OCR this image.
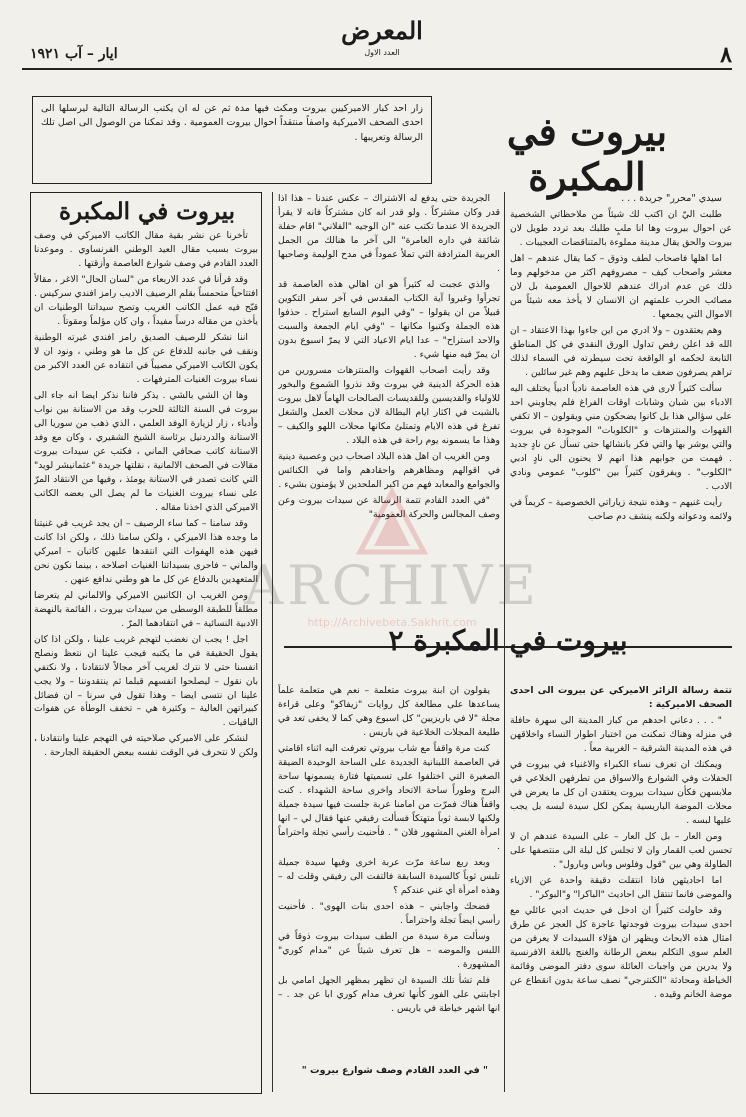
٨
المعرض
العدد الاول
ايار – آب ١٩٢١
زار احد كبار الاميركيين بيروت ومكث فيها مدة ثم عن له ان يكتب الرسالة التالية ليرسلها الى احدى الصحف الاميركية واصفاً منتقداً احوال بيروت العمومية . وقد تمكنا من الوصول الى اصل تلك الرسالة وتعريبها .	بيروت في المكبرة

سيدي "محرر" جريدة . . .

طلبت اليّ ان اكتب لك شيئاً من ملاحظاتي الشخصية عن احوال بيروت وها انا ملبٍ طلبك بعد تردد طويل لان بيروت والحق يقال مدينة مملوءة بالمتناقضات العجيبات .

اما اهلها فاصحاب لطف وذوق – كما يقال عندهم – اهل معشر واصحاب كيف – مصروفهم اكثر من مدخولهم وما ذلك عن عدم ادراك عندهم للاحوال العمومية بل لان مصائب الحرب علمتهم ان الانسان لا يأخذ معه شيئاً من الاموال التي يجمعها .

وهم يعتقدون – ولا ادري من اين جاءوا بهذا الاعتقاد – ان الله قد اعلن رفض تداول الورق النقدي في كل المناطق التابعة لحكمه او الواقعة تحت سيطرته في السماء لذلك تراهم يصرفون ضعف ما يدخل عليهم وهم غير سائلين .

سألت كثيراً لارى في هذه العاصمة نادياً ادبياً يختلف اليه الادباء بين شبان وشابات اوقات الفراغ فلم يجاوبني احد على سؤالي هذا بل كانوا يضحكون مني ويقولون – الا تكفي القهوات والمنتزهات و "الكلوبات" الموجودة في بيروت والتي يوشر بها والتي فكر بانشائها حتى تسأل عن نادٍ جديد . فهمت من جوابهم هذا انهم لا يحنون الى نادٍ ادبي "الكلوب" . ويفرقون كثيراً بين "كلوب" عمومي ونادي الادب .

رأيت غنيهم – وهذه نتيجة زياراتي الخصوصية – كريماً في ولائمه ودعواته ولكنه ينشف دم صاحب

الجريدة حتى يدفع له الاشتراك – عكس عندنا – هذا اذا قدر وكان مشتركاً . ولو قدر انه كان مشتركاً فانه لا يقرأ الجريدة الا عندما تكتب عنه "ان الوجيه "الفلاني" اقام حفلة شائقة في داره العامرة" الى آخر ما هنالك من الجمل العربية المترادفة التي تملأ عموداً في مدح الوليمة وصاحبها .

والذي عجبت له كثيراً هو ان اهالي هذه العاصمة قد تجرأوا وغيروا آية الكتاب المقدس في آخر سفر التكوين قبيلاً من ان يقولوا – "وفي اليوم السابع استراح . حذفوا هذه الجملة وكتبوا مكانها – "وفي ايام الجمعة والسبت والاحد استراح" – عدا ايام الاعياد التي لا يمرّ اسبوع بدون ان يمرّ فيه منها شيء .

وقد رأيت اصحاب القهوات والمنتزهات مسرورين من هذه الحركة الدينية في بيروت وقد نذروا الشموع والبخور للاولياء والقديسين وللقديسات الصالحات الهاماً لاهل بيروت بالشبت في اكثار ايام البطالة لان محلات العمل والشغل تفرغ في هذه الايام وتمتلئ مكانها محلات اللهو والكيف – وهذا ما يسمونه يوم راحة في هذه البلاد .

ومن الغريب ان اهل هذه البلاد اصحاب دين وعصبية دينية في اقوالهم ومظاهرهم واحقادهم واما في الكنائس والجوامع والمعابد فهم من اكبر الملحدين لا يؤمنون بشيء .

"في العدد القادم تتمة الرسالة عن سيدات بيروت وعن وصف المجالس والحركة العمومية"

ARCHIVE
http://Archivebeta.Sakhrit.com
بيروت في المكبرة ٢

تتمة رسالة الزائر الاميركي عن بيروت الى احدى الصحف الاميركية :

" . . . دعاني احدهم من كبار المدينة الى سهرة حافلة في منزله وهناك تمكنت من اختبار اطوار النساء واخلاقهن في هذه المدينة الشرقية – الغربية معاً .

ويمكنك ان تعرف نساء الكبراء والاغنياء في بيروت في الحفلات وفي الشوارع والاسواق من تطرفهن الخلاعي في ملابسهن فكأن سيدات بيروت يعتقدن ان كل ما يعرض في محلات الموضة الباريسية يمكن لكل سيدة لبسه بل يجب عليها لبسه .

ومن العار – بل كل العار – على السيدة عندهم ان لا تحسن لعب القمار وان لا تجلس كل ليلة الى منتصفها على الطاولة وهي بين "قول وفلوس وباس وبارول" .

اما احاديثهن فاذا انتقلت دقيقة واحدة عن الازياء والموضى فانما تنتقل الى احاديث "الباكرا" و"البوكر" .

وقد حاولت كثيراً ان ادخل في حديث ادبي عائلي مع احدى سيدات بيروت فوجدتها عاجزة كل العجز عن طرق امثال هذه الابحاث ويظهر ان هؤلاء السيدات لا يعرفن من العلم سوى التكلم ببعض الرطانة والغنج باللغة الافرنسية ولا يدرين من واجبات العائلة سوى دفتر الموضى وقائمة الخياطة ومحادثة "الكنترجي" نصف ساعة بدون انقطاع عن موضة الخانم وقيده .

يقولون ان ابنة بيروت متعلمة – نعم هي متعلمة علماً يساعدها على مطالعة كل روايات "زيفاكو" وعلى قراءة مجلة "لا في باريزيين" كل اسبوع وهي كما لا يخفى تعد في طليعة المجلات الخلاعية في باريس .

كنت مرة واقفاً مع شاب بيروتي تعرفت اليه اثناء اقامتي في العاصمة اللبنانية الجديدة على الساحة الوحيدة الضيقة الصغيرة التي اختلفوا على تسميتها فتارة يسمونها ساحة البرج وطوراً ساحة الاتحاد واخرى ساحة الشهداء . كنت واقفاً هناك فمرّت من امامنا عربة جلست فيها سيدة جميلة ولكنها لابسة ثوباً متهتكاً فسألت رفيقي عنها فقال لي – انها امرأة الغني المشهور فلان " . فأحنيت رأسي تجلة واحتراماً .

وبعد ربع ساعة مرّت عربة اخرى وفيها سيدة جميلة تلبس ثوباً كالسيدة السابقة فالتفت الى رفيقي وقلت له – وهذه امرأة أي غني عندكم ؟

فضحك واجابني – هذه احدى بنات الهوى" . فأحنيت رأسي ايضاً تجلة واحتراماً .

وسألت مرة سيدة من الطف سيدات بيروت ذوقاً في اللبس والموضه – هل تعرف شيئاً عن "مدام كوري" المشهورة .

فلم تشأ تلك السيدة ان تظهر بمظهر الجهل امامي بل اجابتني على الفور كأنها تعرف مدام كوري ابا عن جد . – انها اشهر خياطة في باريس .

" في العدد القادم وصف شوارع بيروت "
بيروت في المكبرة

تأخرنا عن نشر بقية مقال الكاتب الاميركي في وصف بيروت بسبب مقال العيد الوطني الفرنساوي . وموعدنا العدد القادم في وصف شوارع العاصمة وأزقتها .

وقد قرأنا في عدد الاربعاء من "لسان الحال" الاغر ، مقالاً افتتاحياً متحمساً بقلم الرصيف الاديب رامز افندي سركيس . قبّح فيه عمل الكاتب الغريب وتصح سيداتنا الوطنيات ان يأخذن من مقاله درساً مفيداً ، وان كان مؤلماً ومقوتاً .

اننا نشكر للرصيف الصديق رامز افندي غيرته الوطنية ونقف في جانبه للدفاع عن كل ما هو وطني ، ونود ان لا يكون الكاتب الاميركي مصيباً في انتقاده عن العدد الاكبر من نساء بيروت الغنيات المترفهات .

وها ان الشي بالشي . يذكر فاننا نذكر ايضا انه جاء الى بيروت في السنة الثالثة للحرب وقد من الاستانة بين نواب وأدباء ، زار لزيارة الوفد العلمي ، الذي ذهب من سوريا الى الاستانة والدردنيل برئاسة الشيخ الشقيري ، وكان مع وفد الاستانة كاتب صحافي الماني ، فكتب عن سيدات بيروت مقالات في الصحف الالمانية ، نقلتها جريدة "عثمانيشر لويد" التي كانت تصدر في الاستانة يومئذ ، وفيها من الانتقاد المرّ على نساء بيروت الغنيات ما لم يصل الى بعضه الكاتب الاميركي الذي اخذنا مقاله .

وقد سامنا – كما ساء الرصيف – ان يجد غريب في غنيتنا ما وجده هذا الاميركي ، ولكن سامنا ذلك ، ولكن اذا كانت فيهن هذه الهفوات التي انتقدها عليهن كاتبان – اميركي والماني – فاحرى بسيداتنا الغنيات اصلاحه ، بينما نكون نحن المتعهدين بالدفاع عن كل ما هو وطني ندافع عنهن .

ومن الغريب ان الكاتبين الاميركي والالماني لم يتعرضا مطلقاً للطبقة الوسطى من سيدات بيروت ، القائمة بالنهضة الادبية النسائية – في انتقادهما المرّ .

اجل ! يجب ان نغضب لتهجم غريب علينا ، ولكن اذا كان يقول الحقيقة في ما يكتبه فيجب علينا ان نتعظ ونصلح انفسنا حتى لا نترك لغريب آخر مجالاً لانتقادنا ، ولا نكتفي بان نقول – ليصلحوا انفسهم قبلما ثم ينتقدوننا – ولا يجب علينا ان نتسى ايضا – وهذا تقول في سرنا – ان فضائل كبيراتهن العالية – وكثيرة هي – تخفف الوطأة عن هفوات الباقيات .

لنشكر على الاميركي صلاحيته في التهجم علينا وانتقادنا ، ولكن لا نتحرف في الوقت نفسه ببعض الحقيقة الجارحة .
